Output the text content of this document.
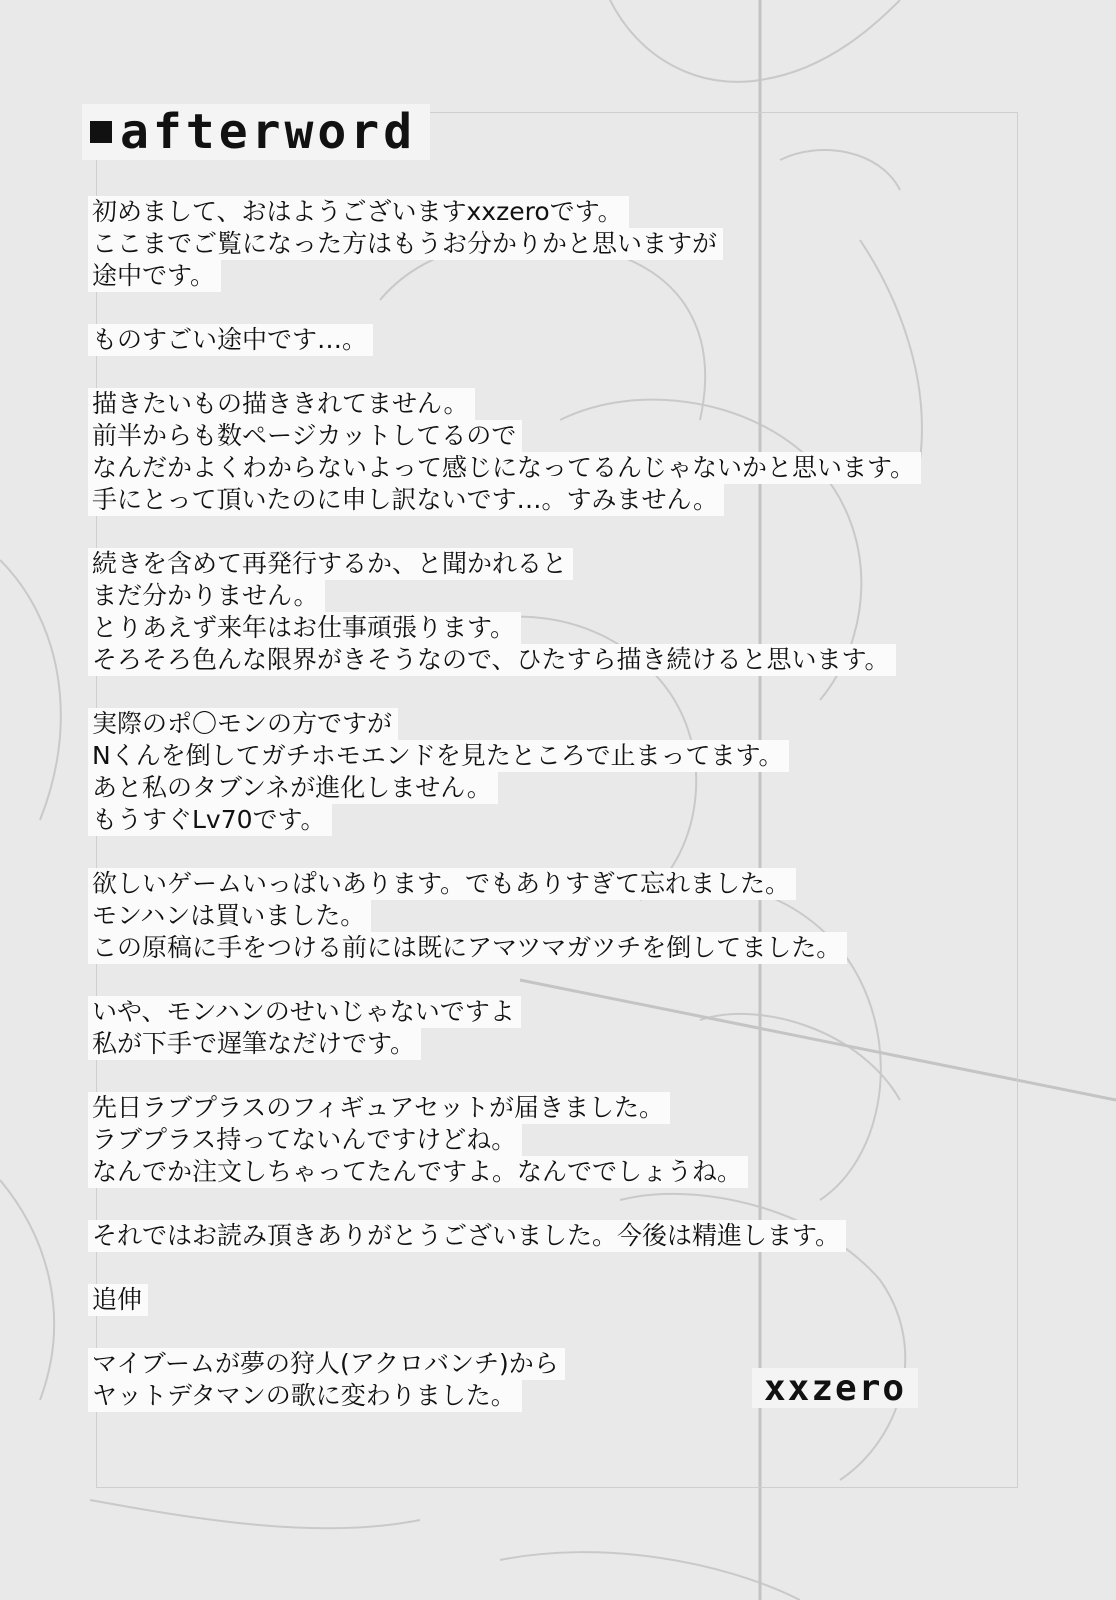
afterword
初めまして、おはようございますxxzeroです。
ここまでご覧になった方はもうお分かりかと思いますが
途中です。
ものすごい途中です…。
描きたいもの描ききれてません。
前半からも数ページカットしてるので
なんだかよくわからないよって感じになってるんじゃないかと思います。
手にとって頂いたのに申し訳ないです…。すみません。
続きを含めて再発行するか、と聞かれると
まだ分かりません。
とりあえず来年はお仕事頑張ります。
そろそろ色んな限界がきそうなので、ひたすら描き続けると思います。
実際のポ〇モンの方ですが
Nくんを倒してガチホモエンドを見たところで止まってます。
あと私のタブンネが進化しません。
もうすぐLv70です。
欲しいゲームいっぱいあります。でもありすぎて忘れました。
モンハンは買いました。
この原稿に手をつける前には既にアマツマガツチを倒してました。
いや、モンハンのせいじゃないですよ
私が下手で遅筆なだけです。
先日ラブプラスのフィギュアセットが届きました。
ラブプラス持ってないんですけどね。
なんでか注文しちゃってたんですよ。なんででしょうね。
それではお読み頂きありがとうございました。今後は精進します。
追伸
マイブームが夢の狩人(アクロバンチ)から
ヤットデタマンの歌に変わりました。	xxzero
